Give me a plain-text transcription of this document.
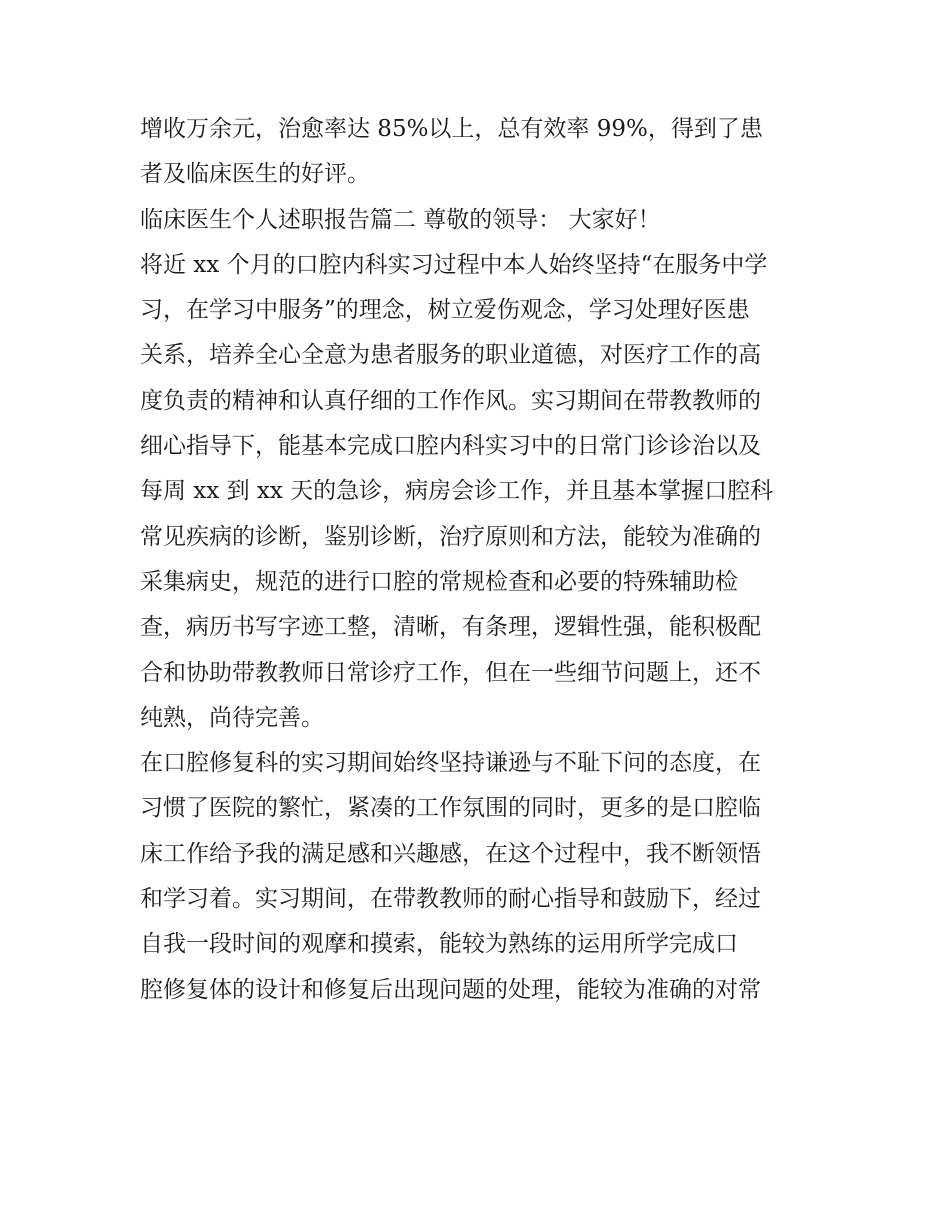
增收万余元，治愈率达 85%以上，总有效率 99%，得到了患
者及临床医生的好评。
临床医生个人述职报告篇二 尊敬的领导： 大家好！
将近 xx 个月的口腔内科实习过程中本人始终坚持“在服务中学
习，在学习中服务”的理念，树立爱伤观念，学习处理好医患
关系，培养全心全意为患者服务的职业道德，对医疗工作的高
度负责的精神和认真仔细的工作作风。实习期间在带教教师的
细心指导下，能基本完成口腔内科实习中的日常门诊诊治以及
每周 xx 到 xx 天的急诊，病房会诊工作，并且基本掌握口腔科
常见疾病的诊断，鉴别诊断，治疗原则和方法，能较为准确的
采集病史，规范的进行口腔的常规检查和必要的特殊辅助检
查，病历书写字迹工整，清晰，有条理，逻辑性强，能积极配
合和协助带教教师日常诊疗工作，但在一些细节问题上，还不
纯熟，尚待完善。
在口腔修复科的实习期间始终坚持谦逊与不耻下问的态度，在
习惯了医院的繁忙，紧凑的工作氛围的同时，更多的是口腔临
床工作给予我的满足感和兴趣感，在这个过程中，我不断领悟
和学习着。实习期间，在带教教师的耐心指导和鼓励下，经过
自我一段时间的观摩和摸索，能较为熟练的运用所学完成口
腔修复体的设计和修复后出现问题的处理，能较为准确的对常
